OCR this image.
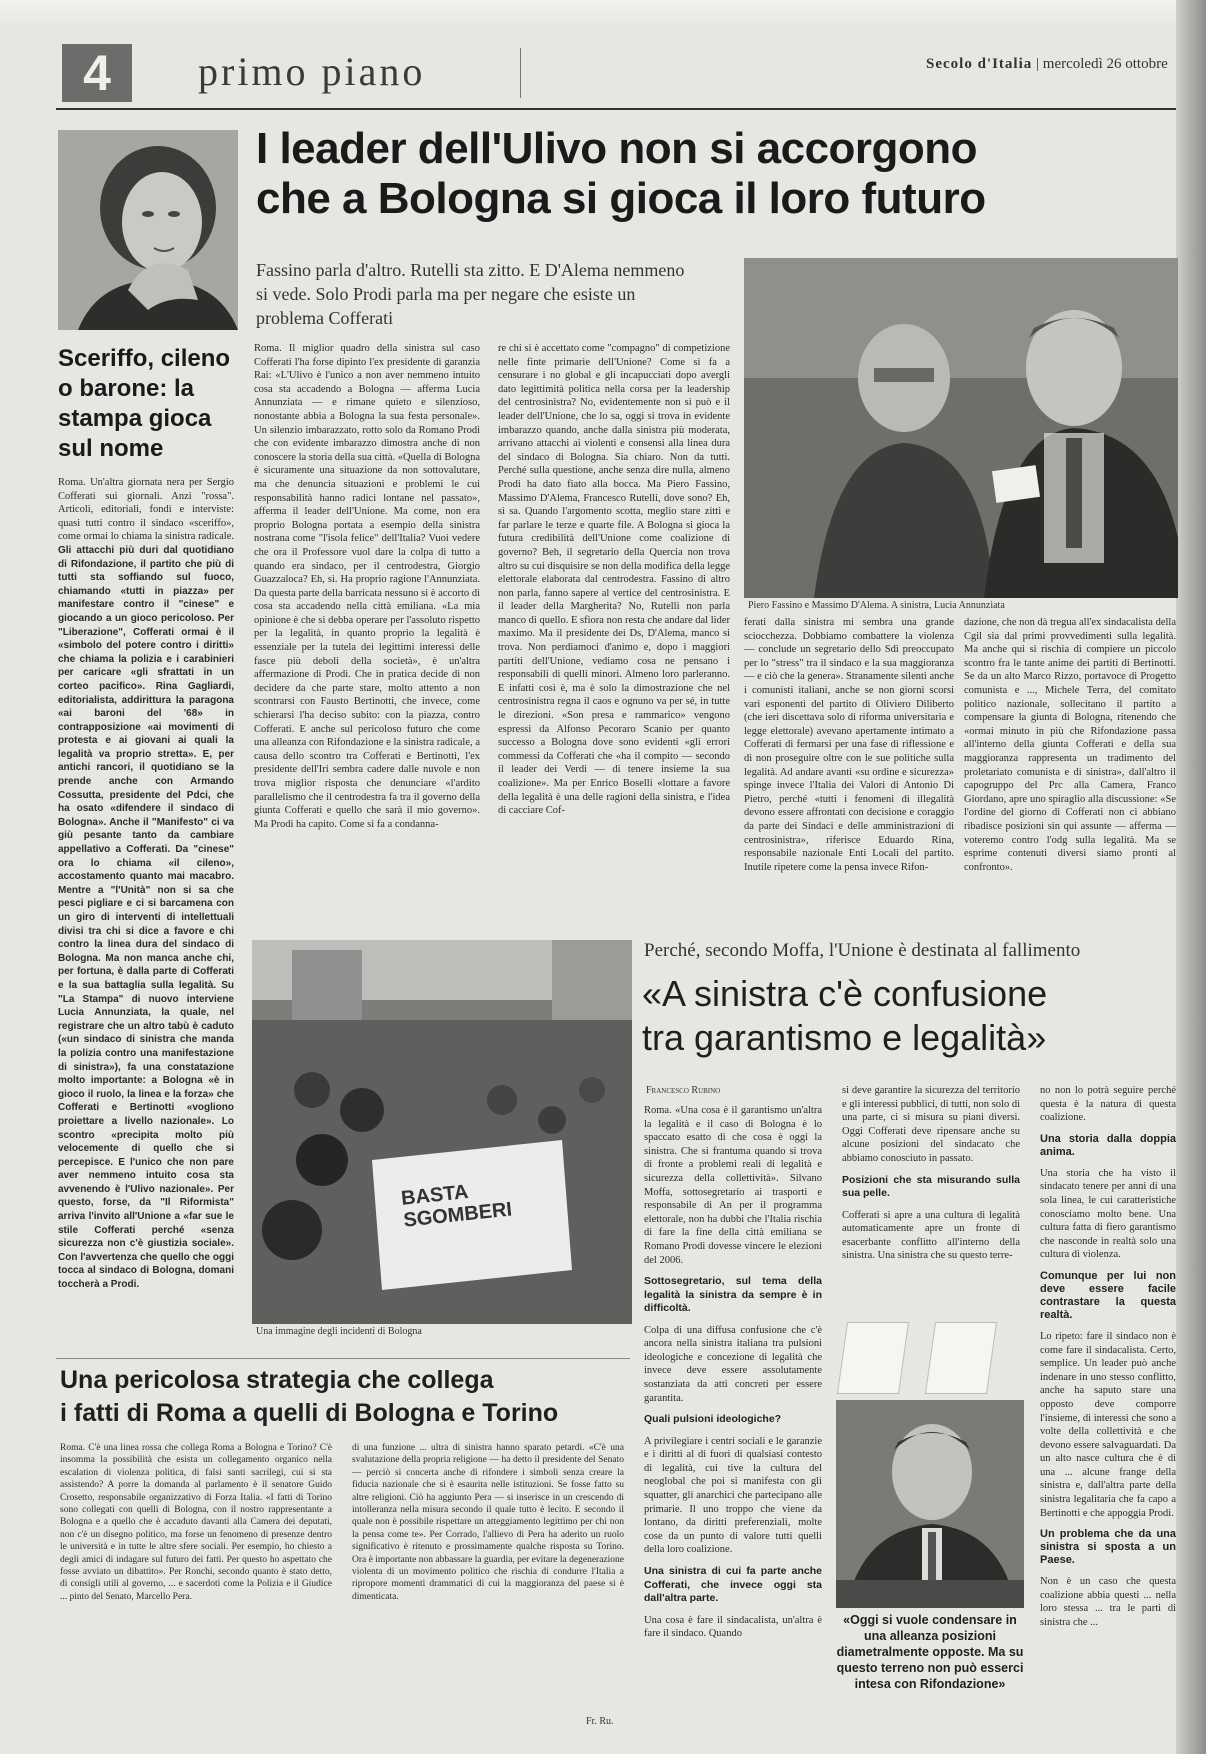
4	primo piano	Secolo d'Italia | mercoledì 26 ottobre
I leader dell'Ulivo non si accorgono
che a Bologna si gioca il loro futuro
Fassino parla d'altro. Rutelli sta zitto. E D'Alema nemmeno si vede. Solo Prodi parla ma per negare che esiste un problema Cofferati
Piero Fassino e Massimo D'Alema. A sinistra, Lucia Annunziata
Sceriffo, cileno o barone: la stampa gioca sul nome
Roma. Un'altra giornata nera per Sergio Cofferati sui giornali. Anzi "rossa". Articoli, editoriali, fondi e interviste: quasi tutti contro il sindaco «sceriffo», come ormai lo chiama la sinistra radicale. Gli attacchi più duri dal quotidiano di Rifondazione, il partito che più di tutti sta soffiando sul fuoco, chiamando «tutti in piazza» per manifestare contro il "cinese" e giocando a un gioco pericoloso. Per "Liberazione", Cofferati ormai è il «simbolo del potere contro i diritti» che chiama la polizia e i carabinieri per caricare «gli sfrattati in un corteo pacifico». Rina Gagliardi, editorialista, addirittura la paragona «ai baroni del '68» in contrapposizione «ai movimenti di protesta e ai giovani ai quali la legalità va proprio stretta». E, per antichi rancori, il quotidiano se la prende anche con Armando Cossutta, presidente del Pdci, che ha osato «difendere il sindaco di Bologna». Anche il "Manifesto" ci va giù pesante tanto da cambiare appellativo a Cofferati. Da "cinese" ora lo chiama «il cileno», accostamento quanto mai macabro. Mentre a "l'Unità" non si sa che pesci pigliare e ci si barcamena con un giro di interventi di intellettuali divisi tra chi si dice a favore e chi contro la linea dura del sindaco di Bologna. Ma non manca anche chi, per fortuna, è dalla parte di Cofferati e la sua battaglia sulla legalità. Su "La Stampa" di nuovo interviene Lucia Annunziata, la quale, nel registrare che un altro tabù è caduto («un sindaco di sinistra che manda la polizia contro una manifestazione di sinistra»), fa una constatazione molto importante: a Bologna «è in gioco il ruolo, la linea e la forza» che Cofferati e Bertinotti «vogliono proiettare a livello nazionale». Lo scontro «precipita molto più velocemente di quello che si percepisce. E l'unico che non pare aver nemmeno intuito cosa sta avvenendo è l'Ulivo nazionale». Per questo, forse, da "Il Riformista" arriva l'invito all'Unione a «far sue le stile Cofferati perché «senza sicurezza non c'è giustizia sociale». Con l'avvertenza che quello che oggi tocca al sindaco di Bologna, domani toccherà a Prodi.
Roma. Il miglior quadro della sinistra sul caso Cofferati l'ha forse dipinto l'ex presidente di garanzia Rai: «L'Ulivo è l'unico a non aver nemmeno intuito cosa sta accadendo a Bologna — afferma Lucia Annunziata — e rimane quieto e silenzioso, nonostante abbia a Bologna la sua festa personale». Un silenzio imbarazzato, rotto solo da Romano Prodi che con evidente imbarazzo dimostra anche di non conoscere la storia della sua città. «Quella di Bologna è sicuramente una situazione da non sottovalutare, ma che denuncia situazioni e problemi le cui responsabilità hanno radici lontane nel passato», afferma il leader dell'Unione. Ma come, non era proprio Bologna portata a esempio della sinistra nostrana come "l'isola felice" dell'Italia? Vuoi vedere che ora il Professore vuol dare la colpa di tutto a quando era sindaco, per il centrodestra, Giorgio Guazzaloca? Eh, sì. Ha proprio ragione l'Annunziata. Da questa parte della barricata nessuno si è accorto di cosa sta accadendo nella città emiliana. «La mia opinione è che si debba operare per l'assoluto rispetto per la legalità, in quanto proprio la legalità è essenziale per la tutela dei legittimi interessi delle fasce più deboli della società», è un'altra affermazione di Prodi. Che in pratica decide di non decidere da che parte stare, molto attento a non scontrarsi con Fausto Bertinotti, che invece, come schierarsi l'ha deciso subito: con la piazza, contro Cofferati. E anche sul pericoloso futuro che come una alleanza con Rifondazione e la sinistra radicale, a causa dello scontro tra Cofferati e Bertinotti, l'ex presidente dell'Iri sembra cadere dalle nuvole e non trova miglior risposta che denunciare «l'ardito parallelismo che il centrodestra fa tra il governo della giunta Cofferati e quello che sarà il mio governo». Ma Prodi ha capito. Come si fa a condanna-
re chi si è accettato come "compagno" di competizione nelle finte primarie dell'Unione? Come si fa a censurare i no global e gli incapucciati dopo avergli dato legittimità politica nella corsa per la leadership del centrosinistra? No, evidentemente non si può e il leader dell'Unione, che lo sa, oggi si trova in evidente imbarazzo quando, anche dalla sinistra più moderata, arrivano attacchi ai violenti e consensi alla linea dura del sindaco di Bologna. Sia chiaro. Non da tutti. Perché sulla questione, anche senza dire nulla, almeno Prodi ha dato fiato alla bocca. Ma Piero Fassino, Massimo D'Alema, Francesco Rutelli, dove sono? Eh, sì sa. Quando l'argomento scotta, meglio stare zitti e far parlare le terze e quarte file. A Bologna si gioca la futura credibilità dell'Unione come coalizione di governo? Beh, il segretario della Quercia non trova altro su cui disquisire se non della modifica della legge elettorale elaborata dal centrodestra. Fassino di altro non parla, fanno sapere al vertice del centrosinistra. E il leader della Margherita? No, Rutelli non parla manco di quello. E sfiora non resta che andare dal lider maximo. Ma il presidente dei Ds, D'Alema, manco si trova. Non perdiamoci d'animo e, dopo i maggiori partiti dell'Unione, vediamo cosa ne pensano i responsabili di quelli minori. Almeno loro parleranno. E infatti così è, ma è solo la dimostrazione che nel centrosinistra regna il caos e ognuno va per sé, in tutte le direzioni. «Son presa e rammarico» vengono espressi da Alfonso Pecoraro Scanio per quanto successo a Bologna dove sono evidenti «gli errori commessi da Cofferati che «ha il compito — secondo il leader dei Verdi — di tenere insieme la sua coalizione». Ma per Enrico Boselli «lottare a favore della legalità è una delle ragioni della sinistra, e l'idea di cacciare Cof-
ferati dalla sinistra mi sembra una grande sciocchezza. Dobbiamo combattere la violenza — conclude un segretario dello Sdi preoccupato per lo "stress" tra il sindaco e la sua maggioranza — e ciò che la genera». Stranamente silenti anche i comunisti italiani, anche se non giorni scorsi vari esponenti del partito di Oliviero Diliberto (che ieri discettava solo di riforma universitaria e legge elettorale) avevano apertamente intimato a Cofferati di fermarsi per una fase di riflessione e di non proseguire oltre con le sue politiche sulla legalità. Ad andare avanti «su ordine e sicurezza» spinge invece l'Italia dei Valori di Antonio Di Pietro, perché «tutti i fenomeni di illegalità devono essere affrontati con decisione e coraggio da parte dei Sindaci e delle amministrazioni di centrosinistra», riferisce Eduardo Rina, responsabile nazionale Enti Locali del partito. Inutile ripetere come la pensa invece Rifon-
dazione, che non dà tregua all'ex sindacalista della Cgil sia dal primi provvedimenti sulla legalità. Ma anche qui si rischia di compiere un piccolo scontro fra le tante anime dei partiti di Bertinotti. Se da un alto Marco Rizzo, portavoce di Progetto comunista e ..., Michele Terra, del comitato politico nazionale, sollecitano il partito a compensare la giunta di Bologna, ritenendo che «ormai minuto in più che Rifondazione passa all'interno della giunta Cofferati e della sua maggioranza rappresenta un tradimento del proletariato comunista e di sinistra», dall'altro il capogruppo del Prc alla Camera, Franco Giordano, apre uno spiraglio alla discussione: «Se l'ordine del giorno di Cofferati non ci abbiano ribadisce posizioni sin qui assunte — afferma — voteremo contro l'odg sulla legalità. Ma se esprime contenuti diversi siamo pronti al confronto».
BASTA SGOMBERI
Una immagine degli incidenti di Bologna
Perché, secondo Moffa, l'Unione è destinata al fallimento
«A sinistra c'è confusione
tra garantismo e legalità»
Francesco Rubino
Roma. «Una cosa è il garantismo un'altra la legalità e il caso di Bologna è lo spaccato esatto di che cosa è oggi la sinistra. Che si frantuma quando si trova di fronte a problemi reali di legalità e sicurezza della collettività». Silvano Moffa, sottosegretario ai trasporti e responsabile di An per il programma elettorale, non ha dubbi che l'Italia rischia di fare la fine della città emiliana se Romano Prodi dovesse vincere le elezioni del 2006.
Sottosegretario, sul tema della legalità la sinistra da sempre è in difficoltà.
Colpa di una diffusa confusione che c'è ancora nella sinistra italiana tra pulsioni ideologiche e concezione di legalità che invece deve essere assolutamente sostanziata da atti concreti per essere garantita.
Quali pulsioni ideologiche?
A privilegiare i centri sociali e le garanzie e i diritti al di fuori di qualsiasi contesto di legalità, cui tive la cultura del neoglobal che poi si manifesta con gli squatter, gli anarchici che partecipano alle primarie. Il uno troppo che viene da lontano, da diritti preferenziali, molte cose da un punto di valore tutti quelli della loro coalizione.
Una sinistra di cui fa parte anche Cofferati, che invece oggi sta dall'altra parte.
Una cosa è fare il sindacalista, un'altra è fare il sindaco. Quando
si deve garantire la sicurezza del territorio e gli interessi pubblici, di tutti, non solo di una parte, ci si misura su piani diversi. Oggi Cofferati deve ripensare anche su alcune posizioni del sindacato che abbiamo conosciuto in passato.
Posizioni che sta misurando sulla sua pelle.
Cofferati si apre a una cultura di legalità automaticamente apre un fronte di esacerbante conflitto all'interno della sinistra. Una sinistra che su questo terre-
«Oggi si vuole condensare in una alleanza posizioni diametralmente opposte. Ma su questo terreno non può esserci intesa con Rifondazione»
no non lo potrà seguire perché questa è la natura di questa coalizione.
Una storia dalla doppia anima.
Una storia che ha visto il sindacato tenere per anni di una sola linea, le cui caratteristiche conosciamo molto bene. Una cultura fatta di fiero garantismo che nasconde in realtà solo una cultura di violenza.
Comunque per lui non deve essere facile contrastare la questa realtà.
Lo ripeto: fare il sindaco non è come fare il sindacalista. Certo, semplice. Un leader può anche indenare in uno stesso conflitto, anche ha saputo stare una opposto deve comporre l'insieme, di interessi che sono a volte della collettività e che devono essere salvaguardati. Da un alto nasce cultura che è di una ... alcune frange della sinistra e, dall'altra parte della sinistra legalitaria che fa capo a Bertinotti e che appoggia Prodi.
Un problema che da una sinistra si sposta a un Paese.
Non è un caso che questa coalizione abbia questi ... nella loro stessa ... tra le parti di sinistra che ...
Una pericolosa strategia che collega
i fatti di Roma a quelli di Bologna e Torino
Roma. C'è una linea rossa che collega Roma a Bologna e Torino? C'è insomma la possibilità che esista un collegamento organico nella escalation di violenza politica, di falsi santi sacrilegi, cui si sta assistendo? A porre la domanda al parlamento è il senatore Guido Crosetto, responsabile organizzativo di Forza Italia. «I fatti di Torino sono collegati con quelli di Bologna, con il nostro rappresentante a Bologna e a quello che è accaduto davanti alla Camera dei deputati, non c'è un disegno politico, ma forse un fenomeno di presenze dentro le università e in tutte le altre sfere sociali. Per esempio, ho chiesto a degli amici di indagare sul futuro dei fatti. Per questo ho aspettato che fosse avviato un dibattito». Per Ronchi, secondo quanto è stato detto, di consigli utili al governo, ... e sacerdoti come la Polizia e il Giudice ... pinto del Senato, Marcello Pera.
di una funzione ... ultra di sinistra hanno sparato petardi. «C'è una svalutazione della propria religione — ha detto il presidente del Senato — perciò si concerta anche di rifondere i simboli senza creare la fiducia nazionale che si è esaurita nelle istituzioni. Se fosse fatto su altre religioni. Ciò ha aggiunto Pera — si inserisce in un crescendo di intolleranza nella misura secondo il quale tutto è lecito. E secondo il quale non è possibile rispettare un atteggiamento legittimo per chi non la pensa come te». Per Corrado, l'allievo di Pera ha aderito un ruolo significativo è ritenuto e prossimamente qualche risposta su Torino. Ora è importante non abbassare la guardia, per evitare la degenerazione violenta di un movimento politico che rischia di condurre l'Italia a ripropore momenti drammatici di cui la maggioranza del paese si è dimenticata.
Fr. Ru.
